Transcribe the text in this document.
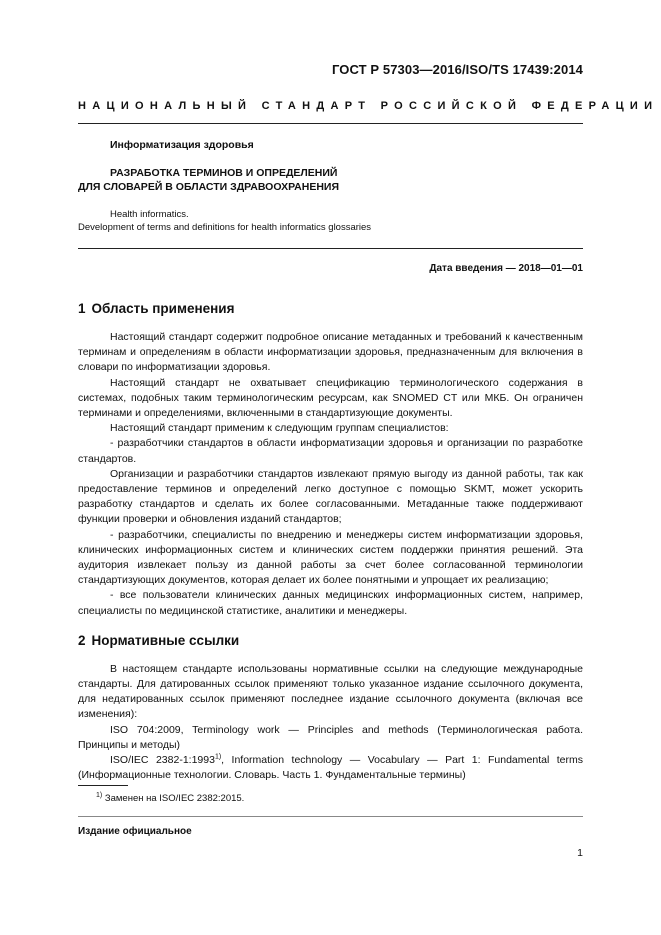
ГОСТ Р 57303—2016/ISO/TS 17439:2014
НАЦИОНАЛЬНЫЙ СТАНДАРТ РОССИЙСКОЙ ФЕДЕРАЦИИ

Информатизация здоровья

РАЗРАБОТКА ТЕРМИНОВ И ОПРЕДЕЛЕНИЙ
ДЛЯ СЛОВАРЕЙ В ОБЛАСТИ ЗДРАВООХРАНЕНИЯ

Health informatics.
Development of terms and definitions for health informatics glossaries

Дата введения — 2018—01—01
1 Область применения

Настоящий стандарт содержит подробное описание метаданных и требований к качественным терминам и определениям в области информатизации здоровья, предназначенным для включения в словари по информатизации здоровья.

Настоящий стандарт не охватывает спецификацию терминологического содержания в системах, подобных таким терминологическим ресурсам, как SNOMED CT или МКБ. Он ограничен терминами и определениями, включенными в стандартизующие документы.

Настоящий стандарт применим к следующим группам специалистов:

- разработчики стандартов в области информатизации здоровья и организации по разработке стандартов.

Организации и разработчики стандартов извлекают прямую выгоду из данной работы, так как предоставление терминов и определений легко доступное с помощью SKMT, может ускорить разработку стандартов и сделать их более согласованными. Метаданные также поддерживают функции проверки и обновления изданий стандартов;

- разработчики, специалисты по внедрению и менеджеры систем информатизации здоровья, клинических информационных систем и клинических систем поддержки принятия решений. Эта аудитория извлекает пользу из данной работы за счет более согласованной терминологии стандартизующих документов, которая делает их более понятными и упрощает их реализацию;

- все пользователи клинических данных медицинских информационных систем, например, специалисты по медицинской статистике, аналитики и менеджеры.

2 Нормативные ссылки

В настоящем стандарте использованы нормативные ссылки на следующие международные стандарты. Для датированных ссылок применяют только указанное издание ссылочного документа, для недатированных ссылок применяют последнее издание ссылочного документа (включая все изменения):

ISO 704:2009, Terminology work — Principles and methods (Терминологическая работа. Принципы и методы)

ISO/IEC 2382-1:1993$^{1)}$, Information technology — Vocabulary — Part 1: Fundamental terms (Информационные технологии. Словарь. Часть 1. Фундаментальные термины)

$^{1)}$ Заменен на ISO/IEC 2382:2015.
Издание официальное
1
